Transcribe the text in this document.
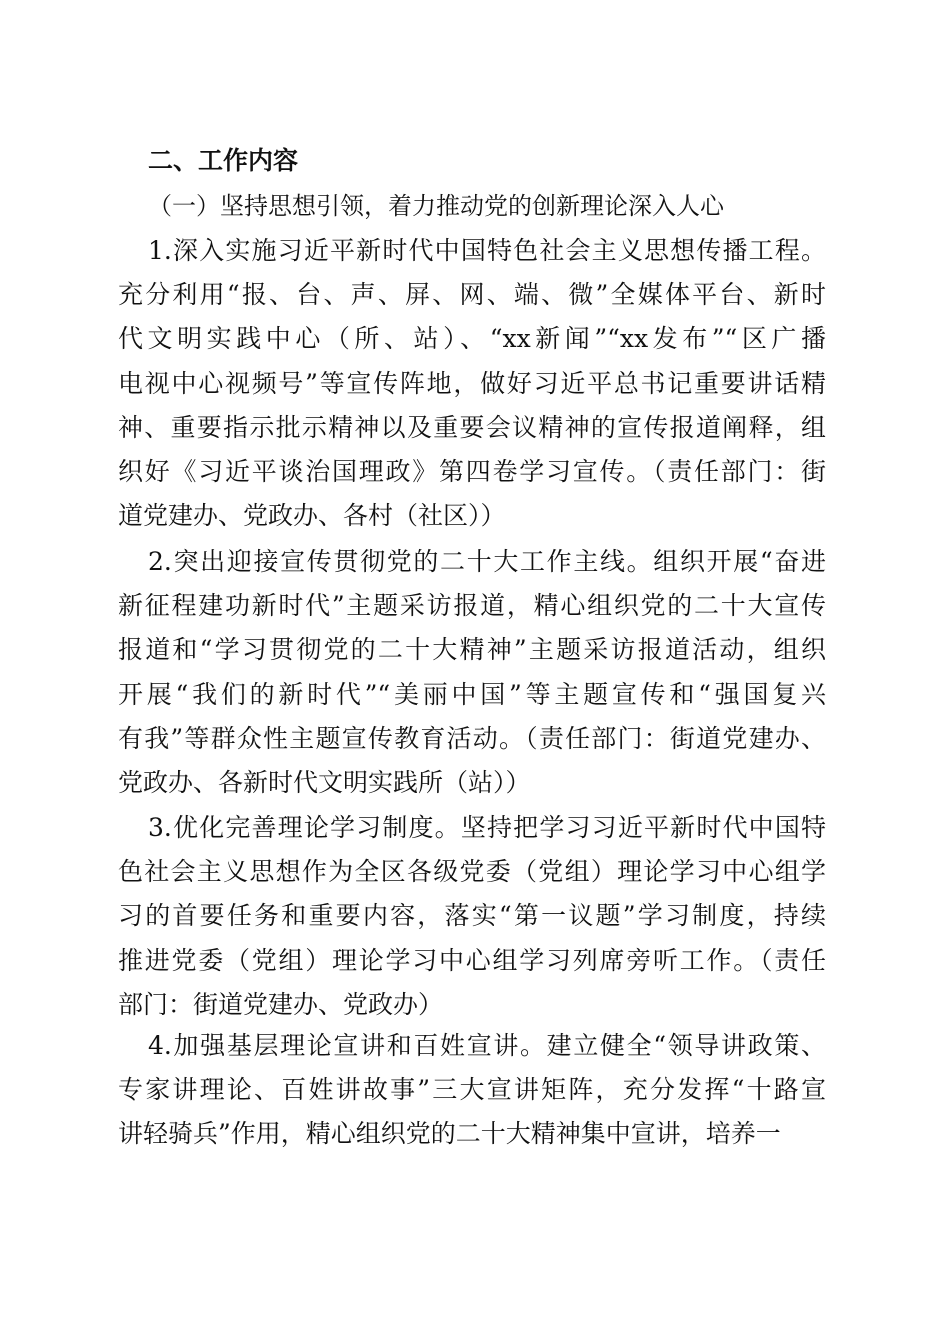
二、工作内容
（一）坚持思想引领，着力推动党的创新理论深入人心
1.深入实施习近平新时代中国特色社会主义思想传播工程。
充分利用“报、台、声、屏、网、端、微”全媒体平台、新时
代文明实践中心（所、站）、“xx新闻”“xx发布”“区广播
电视中心视频号”等宣传阵地，做好习近平总书记重要讲话精
神、重要指示批示精神以及重要会议精神的宣传报道阐释，组
织好《习近平谈治国理政》第四卷学习宣传。（责任部门：街
道党建办、党政办、各村（社区））
2.突出迎接宣传贯彻党的二十大工作主线。组织开展“奋进
新征程建功新时代”主题采访报道，精心组织党的二十大宣传
报道和“学习贯彻党的二十大精神”主题采访报道活动，组织
开展“我们的新时代”“美丽中国”等主题宣传和“强国复兴
有我”等群众性主题宣传教育活动。（责任部门：街道党建办、
党政办、各新时代文明实践所（站））
3.优化完善理论学习制度。坚持把学习习近平新时代中国特
色社会主义思想作为全区各级党委（党组）理论学习中心组学
习的首要任务和重要内容，落实“第一议题”学习制度，持续
推进党委（党组）理论学习中心组学习列席旁听工作。（责任
部门：街道党建办、党政办）
4.加强基层理论宣讲和百姓宣讲。建立健全“领导讲政策、
专家讲理论、百姓讲故事”三大宣讲矩阵，充分发挥“十路宣
讲轻骑兵”作用，精心组织党的二十大精神集中宣讲，培养一
